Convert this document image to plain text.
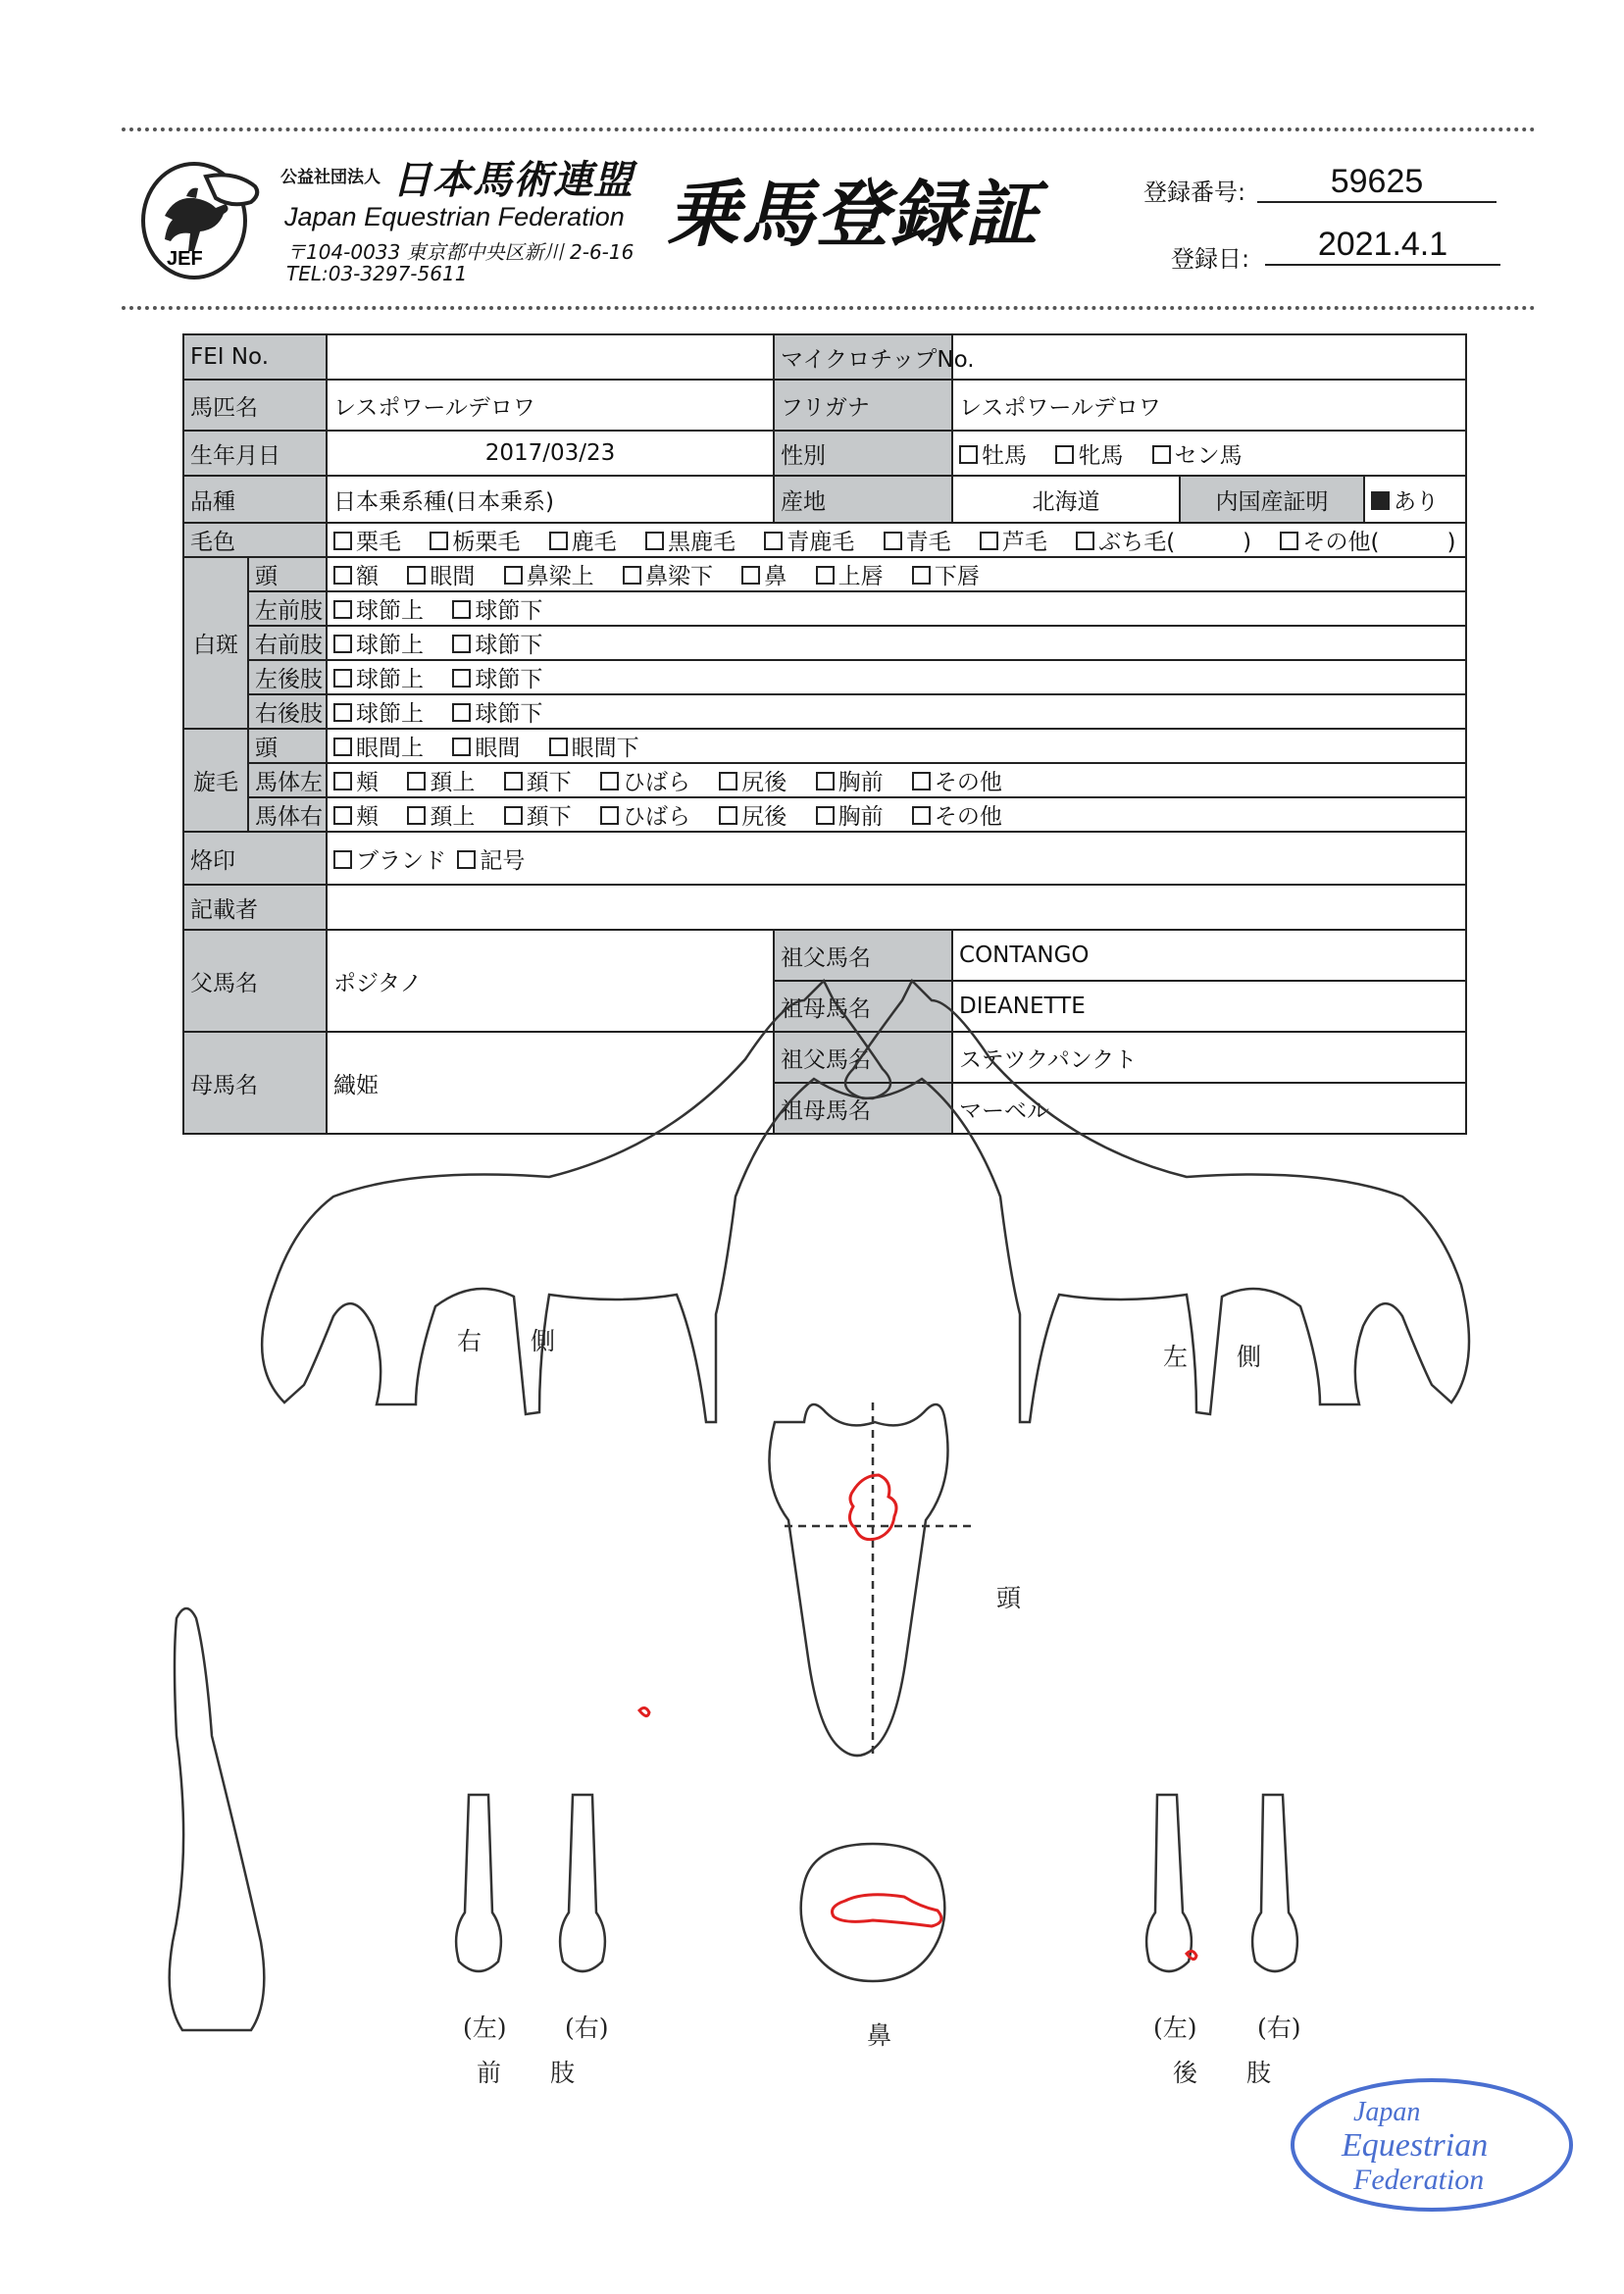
JEF
公益社団法人 日本馬術連盟
Japan Equestrian Federation
〒104-0033 東京都中央区新川 2-6-16
TEL:03-3297-5611
乗馬登録証	登録番号:	59625
登録日:	2021.4.1
FEI No.			マイクロチップNo.			
馬匹名		レスポワールデロワ	フリガナ	レスポワールデロワ		
生年月日		2017/03/23	性別	牡馬 牝馬 セン馬		
品種		日本乗系種(日本乗系)	産地	北海道	内国産証明	あり
毛色		栗毛 栃栗毛 鹿毛 黒鹿毛 青鹿毛 青毛 芦毛 ぶち毛(　　　) その他(　　　)				
白斑	頭	額 眼間 鼻梁上 鼻梁下 鼻 上唇 下唇				
	左前肢	球節上 球節下				
	右前肢	球節上 球節下				
	左後肢	球節上 球節下				
	右後肢	球節上 球節下				
旋毛	頭	眼間上 眼間 眼間下				
	馬体左	頬 頚上 頚下 ひばら 尻後 胸前 その他				
	馬体右	頬 頚上 頚下 ひばら 尻後 胸前 その他				
烙印		ブランド 記号				
記載者						
父馬名		ポジタノ	祖父馬名	CONTANGO		
			祖母馬名	DIEANETTE		
母馬名		織姫	祖父馬名	ステツクパンクト		
			祖母馬名	マーベル		
右　　側
左　　側
頭
鼻
(左) (右)
前　　肢
(左) (右)
後　　肢
Japan
Equestrian
Federation
